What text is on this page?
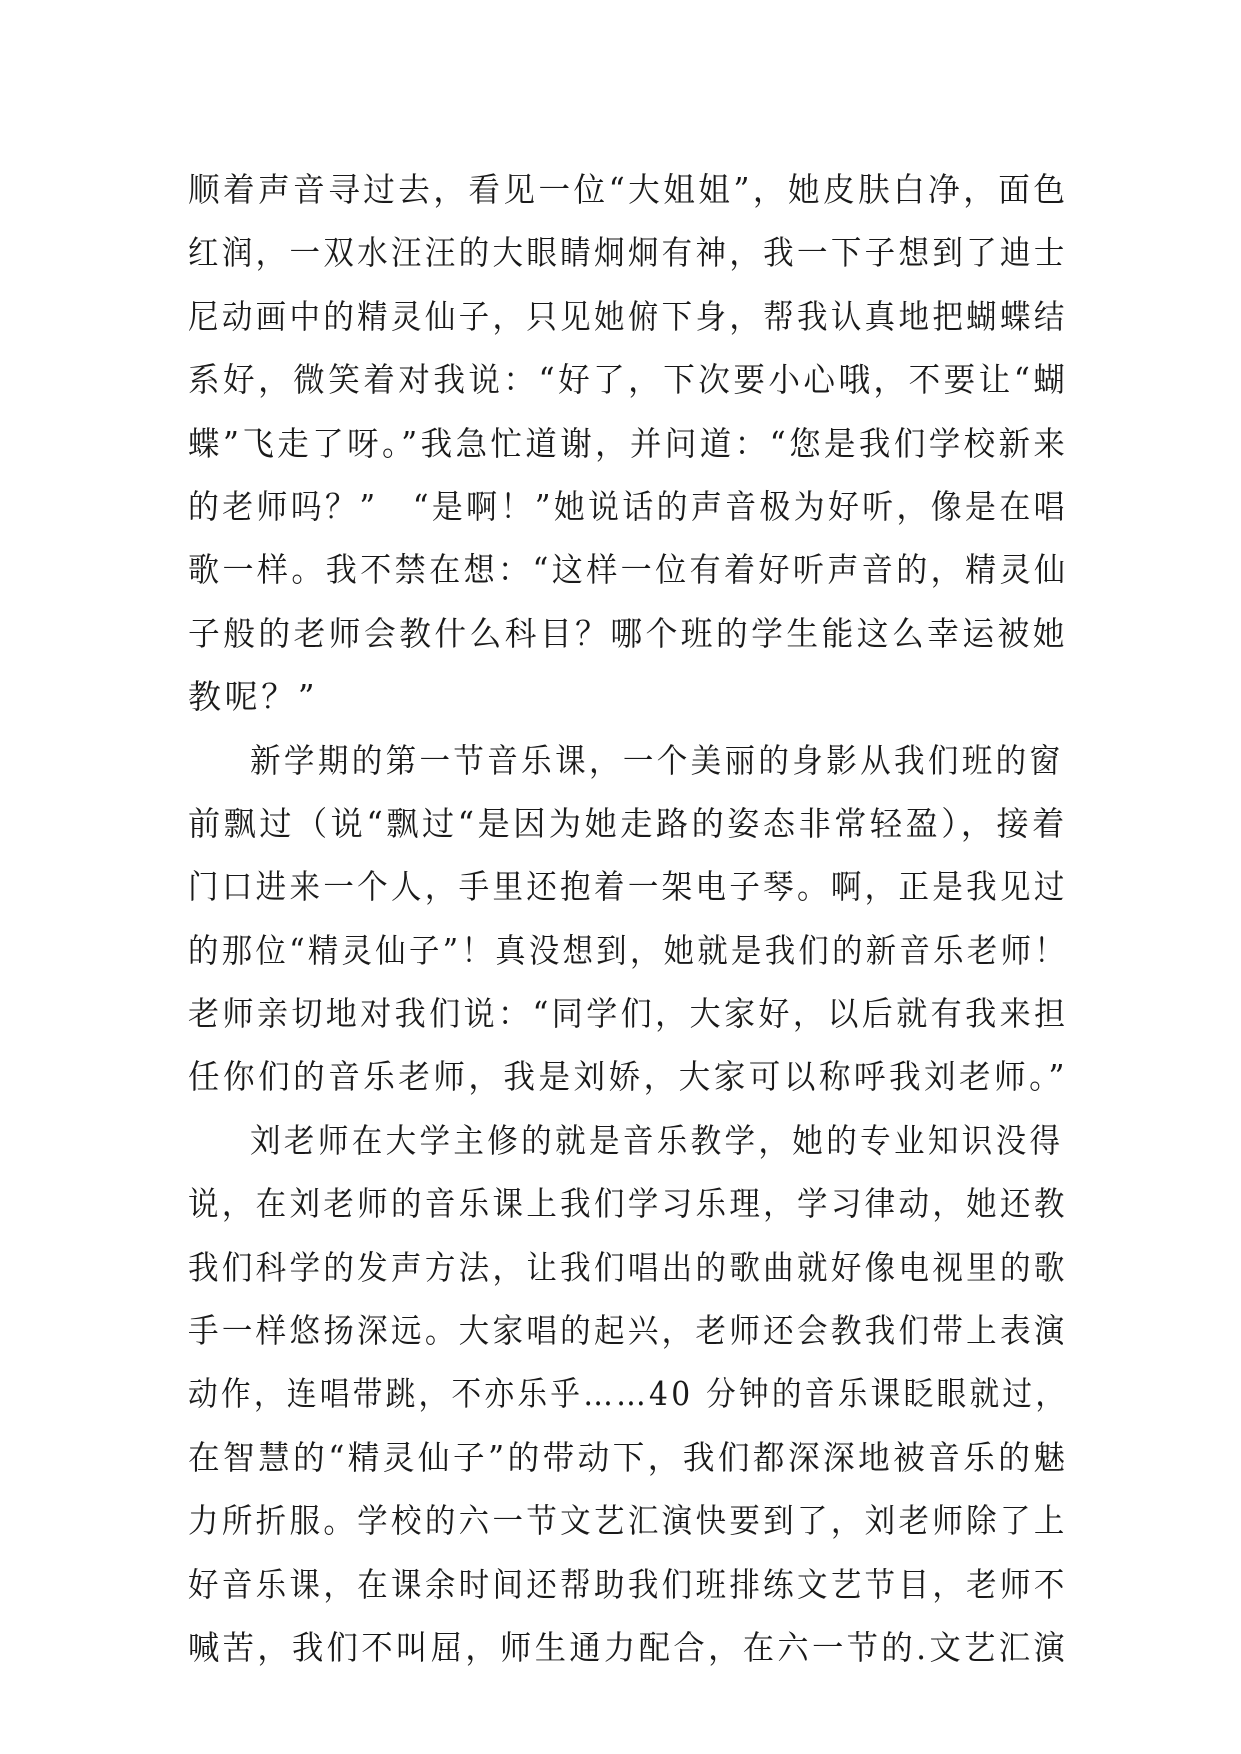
顺着声音寻过去，看见一位“大姐姐”，她皮肤白净，面色
红润，一双水汪汪的大眼睛炯炯有神，我一下子想到了迪士
尼动画中的精灵仙子，只见她俯下身，帮我认真地把蝴蝶结
系好，微笑着对我说：“好了，下次要小心哦，不要让“蝴
蝶”飞走了呀。”我急忙道谢，并问道：“您是我们学校新来
的老师吗？”　“是啊！”她说话的声音极为好听，像是在唱
歌一样。我不禁在想：“这样一位有着好听声音的，精灵仙
子般的老师会教什么科目？哪个班的学生能这么幸运被她
教呢？”
新学期的第一节音乐课，一个美丽的身影从我们班的窗
前飘过（说“飘过“是因为她走路的姿态非常轻盈），接着
门口进来一个人，手里还抱着一架电子琴。啊，正是我见过
的那位“精灵仙子”！真没想到，她就是我们的新音乐老师！
老师亲切地对我们说：“同学们，大家好，以后就有我来担
任你们的音乐老师，我是刘娇，大家可以称呼我刘老师。”
刘老师在大学主修的就是音乐教学，她的专业知识没得
说，在刘老师的音乐课上我们学习乐理，学习律动，她还教
我们科学的发声方法，让我们唱出的歌曲就好像电视里的歌
手一样悠扬深远。大家唱的起兴，老师还会教我们带上表演
动作，连唱带跳，不亦乐乎……40 分钟的音乐课眨眼就过，
在智慧的“精灵仙子”的带动下，我们都深深地被音乐的魅
力所折服。学校的六一节文艺汇演快要到了，刘老师除了上
好音乐课，在课余时间还帮助我们班排练文艺节目，老师不
喊苦，我们不叫屈，师生通力配合，在六一节的.文艺汇演
